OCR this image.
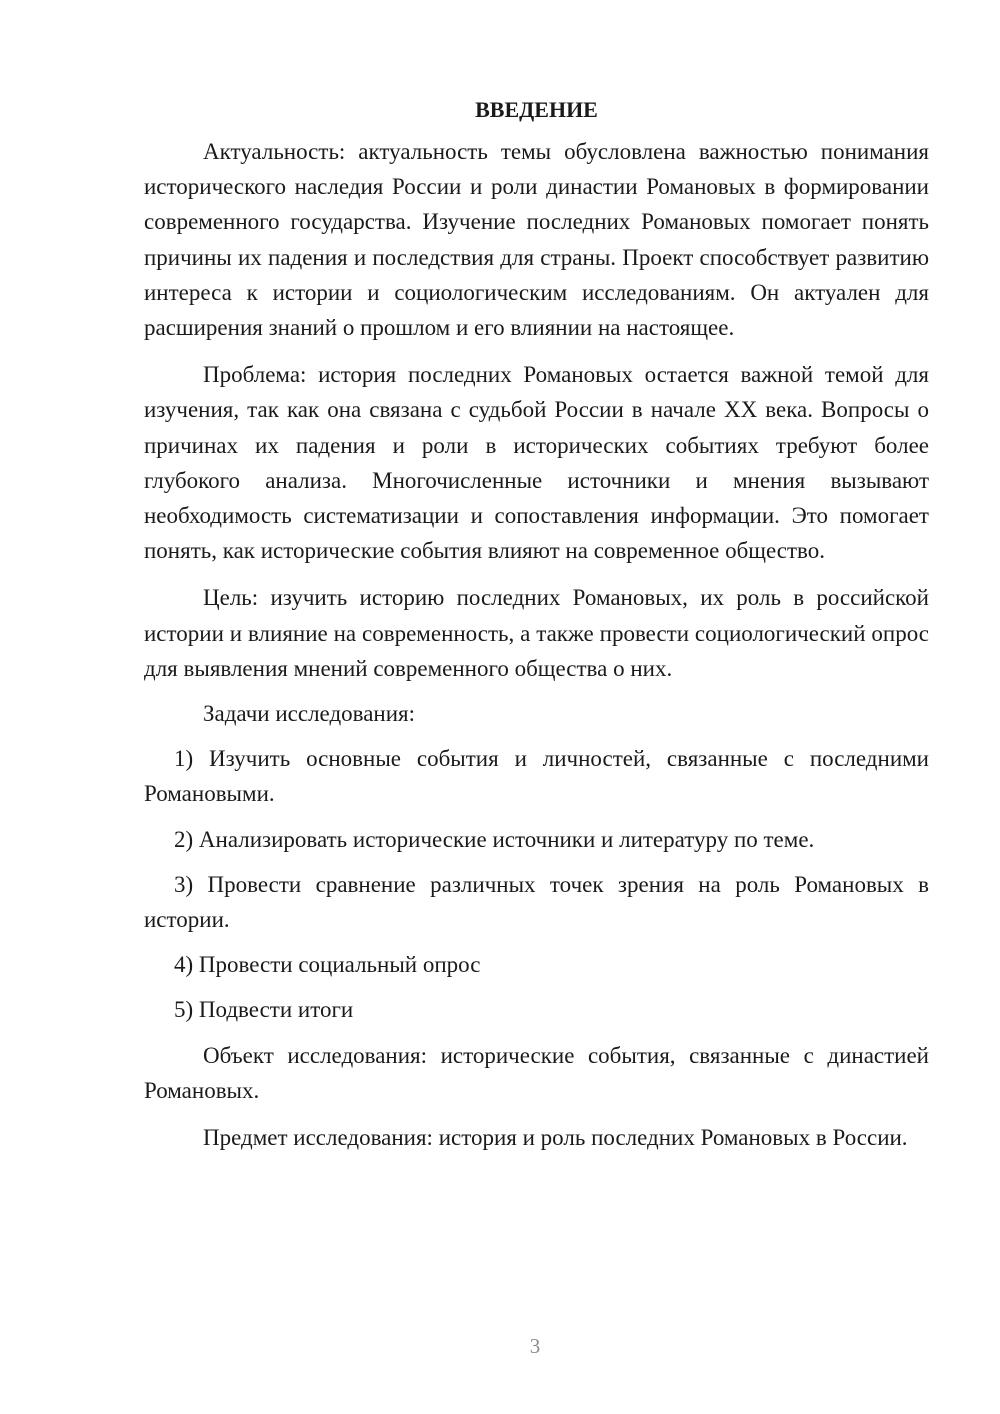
ВВЕДЕНИЕ

Актуальность: актуальность темы обусловлена важностью понимания исторического наследия России и роли династии Романовых в формировании современного государства. Изучение последних Романовых помогает понять причины их падения и последствия для страны. Проект способствует развитию интереса к истории и социологическим исследованиям. Он актуален для расширения знаний о прошлом и его влиянии на настоящее.

Проблема: история последних Романовых остается важной темой для изучения, так как она связана с судьбой России в начале XX века. Вопросы о причинах их падения и роли в исторических событиях требуют более глубокого анализа. Многочисленные источники и мнения вызывают необходимость систематизации и сопоставления информации. Это помогает понять, как исторические события влияют на современное общество.

Цель: изучить историю последних Романовых, их роль в российской истории и влияние на современность, а также провести социологический опрос для выявления мнений современного общества о них.

Задачи исследования:

1) Изучить основные события и личностей, связанные с последними Романовыми.

2) Анализировать исторические источники и литературу по теме.

3) Провести сравнение различных точек зрения на роль Романовых в истории.

4) Провести социальный опрос

5) Подвести итоги

Объект исследования: исторические события, связанные с династией Романовых.

Предмет исследования: история и роль последних Романовых в России.

3
